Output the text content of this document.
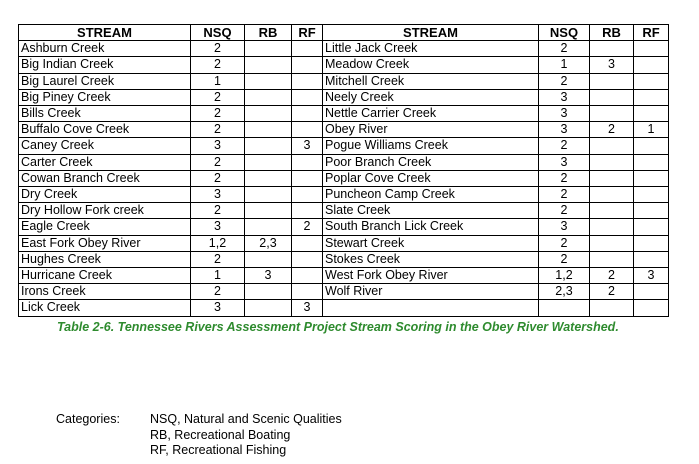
STREAM	NSQ	RB	RF	STREAM	NSQ	RB	RF
Ashburn Creek	2			Little Jack Creek	2		
Big Indian Creek	2			Meadow Creek	1	3	
Big Laurel Creek	1			Mitchell Creek	2		
Big Piney Creek	2			Neely Creek	3		
Bills Creek	2			Nettle Carrier Creek	3		
Buffalo Cove Creek	2			Obey River	3	2	1
Caney Creek	3		3	Pogue Williams Creek	2		
Carter Creek	2			Poor Branch Creek	3		
Cowan Branch Creek	2			Poplar Cove Creek	2		
Dry Creek	3			Puncheon Camp Creek	2		
Dry Hollow Fork creek	2			Slate Creek	2		
Eagle Creek	3		2	South Branch Lick Creek	3		
East Fork Obey River	1,2	2,3		Stewart Creek	2		
Hughes Creek	2			Stokes Creek	2		
Hurricane Creek	1	3		West Fork Obey River	1,2	2	3
Irons Creek	2			Wolf River	2,3	2	
Lick Creek	3		3				
Table 2-6. Tennessee Rivers Assessment Project Stream Scoring in the Obey River Watershed.
Categories: NSQ, Natural and Scenic Qualities
RB, Recreational Boating
RF, Recreational Fishing
